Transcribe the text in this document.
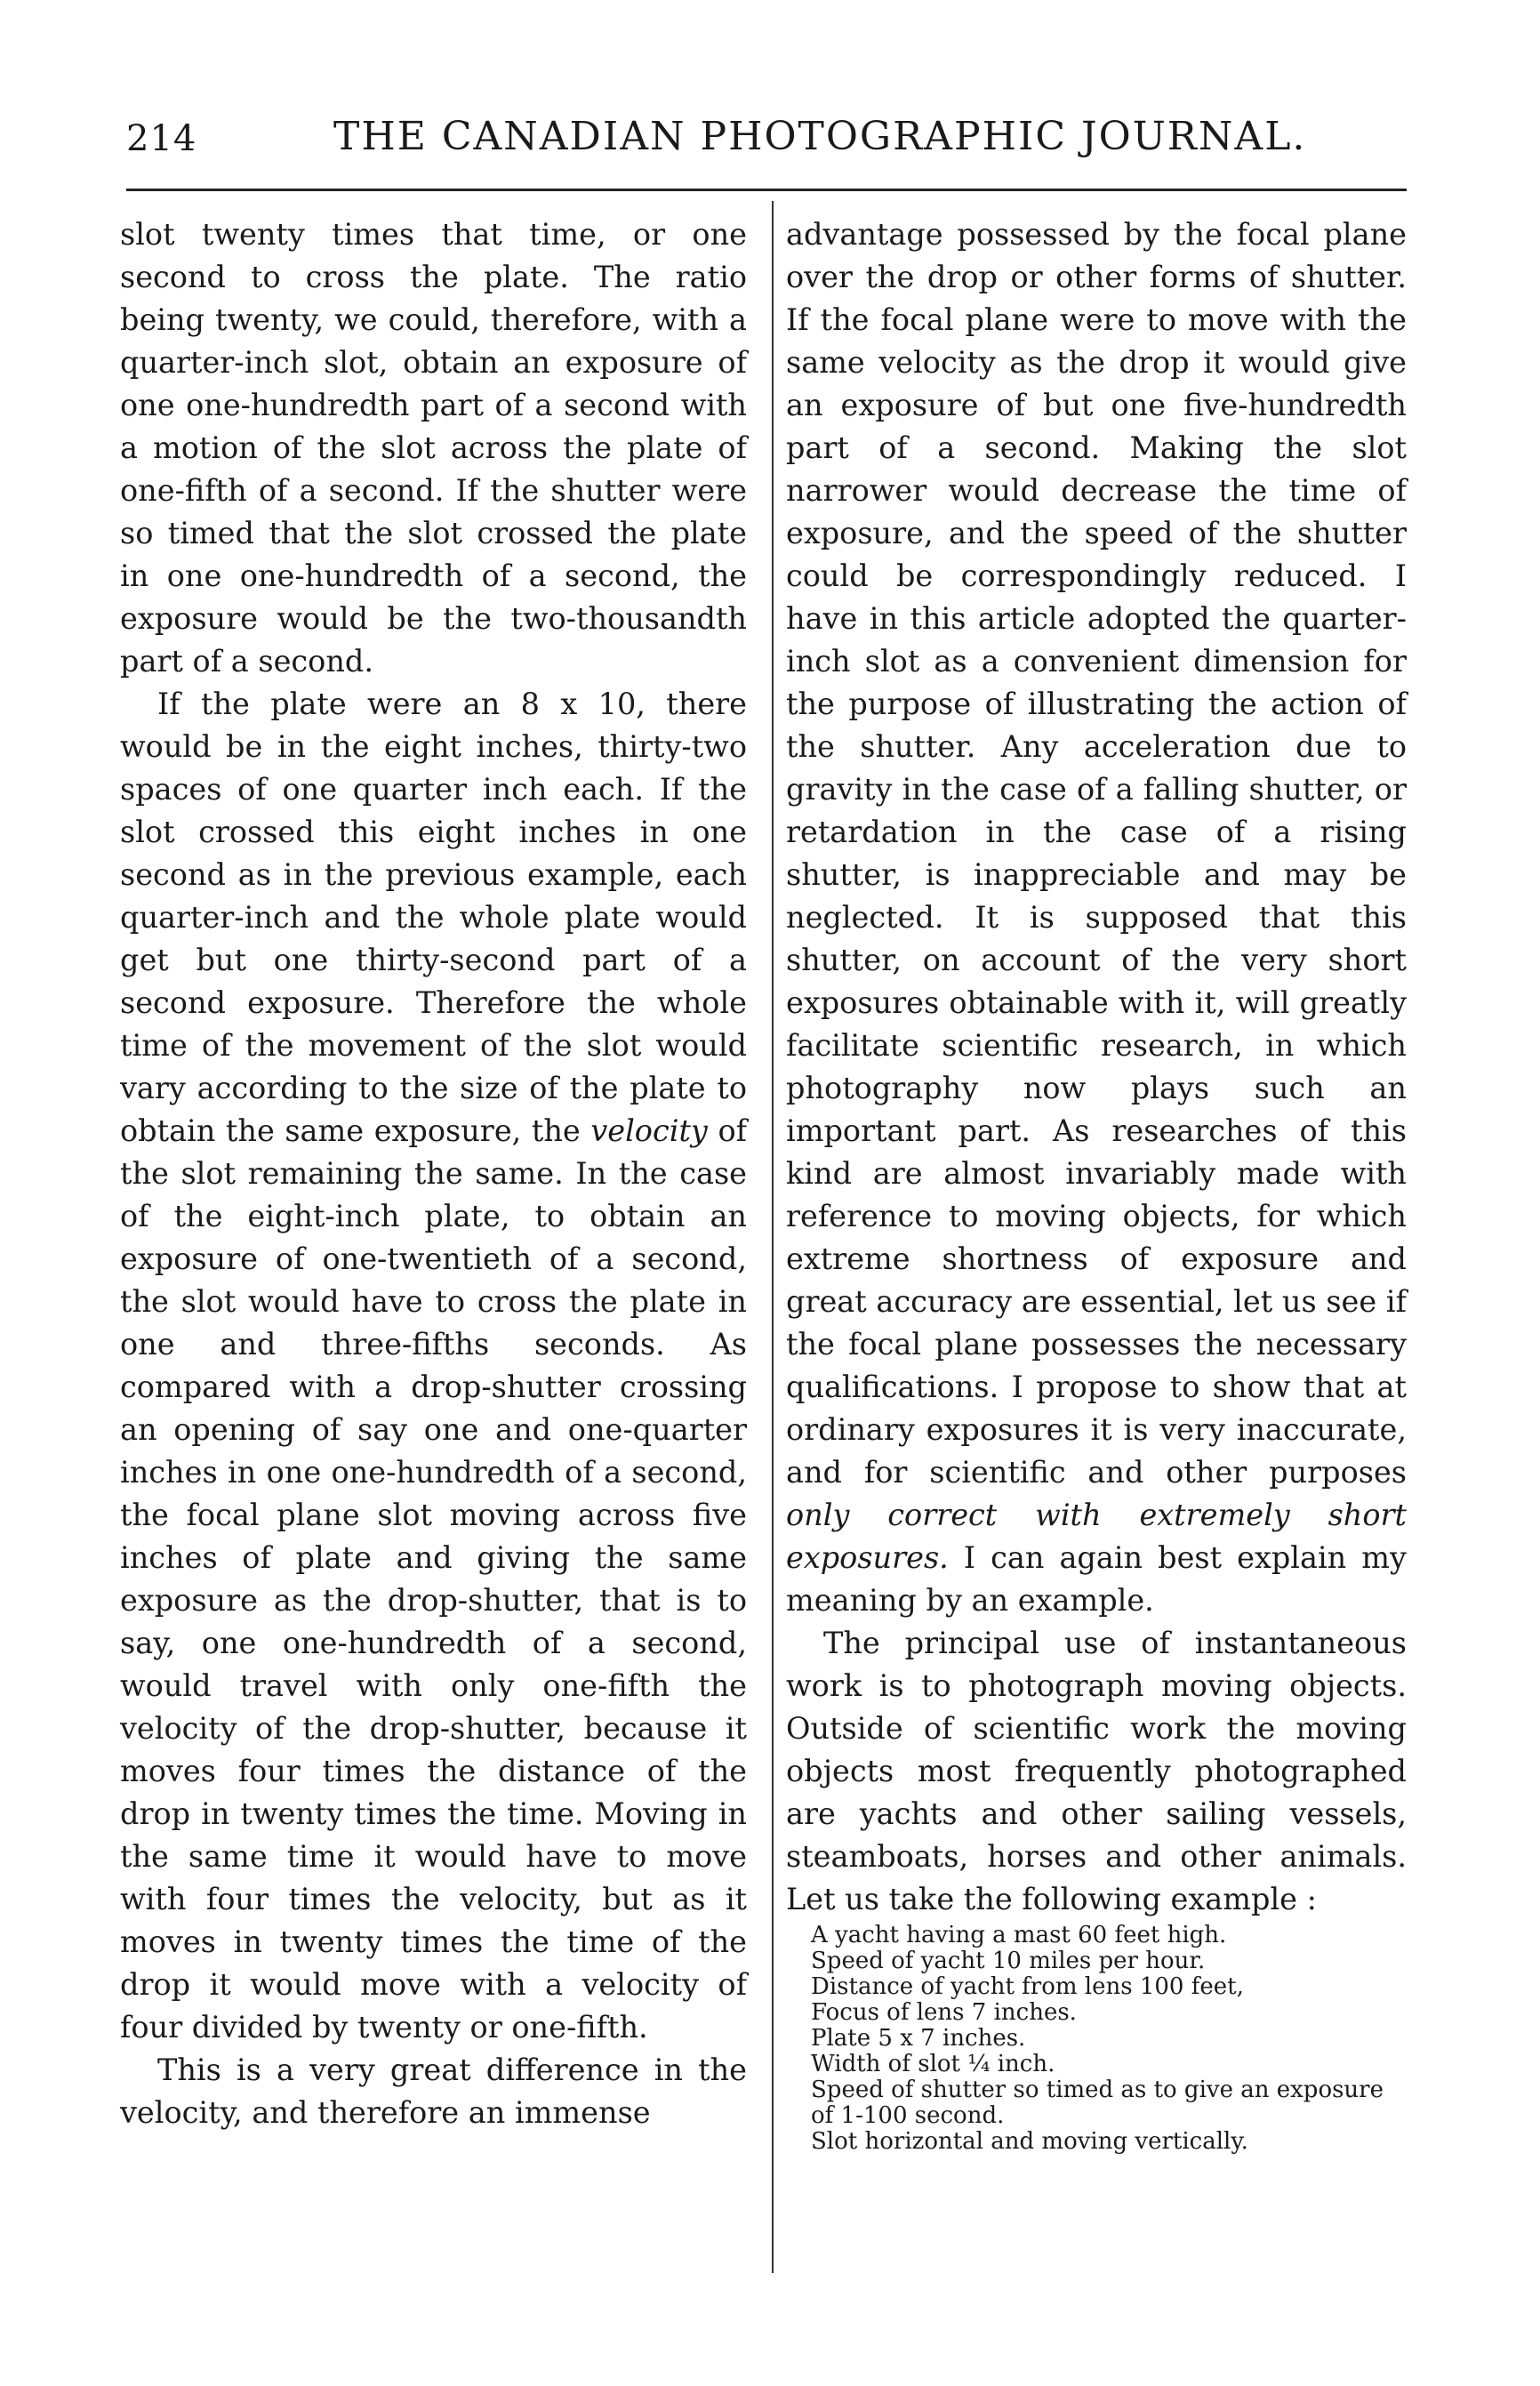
214	THE CANADIAN PHOTOGRAPHIC JOURNAL.

slot twenty times that time, or one second to cross the plate. The ratio being twenty, we could, therefore, with a quarter-inch slot, obtain an exposure of one one-hundredth part of a second with a motion of the slot across the plate of one-fifth of a second. If the shutter were so timed that the slot crossed the plate in one one-hundredth of a second, the exposure would be the two-thousandth part of a second.

If the plate were an 8 x 10, there would be in the eight inches, thirty-two spaces of one quarter inch each. If the slot crossed this eight inches in one second as in the previous example, each quarter-inch and the whole plate would get but one thirty-second part of a second exposure. Therefore the whole time of the movement of the slot would vary according to the size of the plate to obtain the same exposure, the velocity of the slot remaining the same. In the case of the eight-inch plate, to obtain an exposure of one-twentieth of a second, the slot would have to cross the plate in one and three-fifths seconds. As compared with a drop-shutter crossing an opening of say one and one-quarter inches in one one-hundredth of a second, the focal plane slot moving across five inches of plate and giving the same exposure as the drop-shutter, that is to say, one one-hundredth of a second, would travel with only one-fifth the velocity of the drop-shutter, because it moves four times the distance of the drop in twenty times the time. Moving in the same time it would have to move with four times the velocity, but as it moves in twenty times the time of the drop it would move with a velocity of four divided by twenty or one-fifth.

This is a very great difference in the velocity, and therefore an immense

advantage possessed by the focal plane over the drop or other forms of shutter. If the focal plane were to move with the same velocity as the drop it would give an exposure of but one five-hundredth part of a second. Making the slot narrower would decrease the time of exposure, and the speed of the shutter could be correspondingly reduced. I have in this article adopted the quarter-inch slot as a convenient dimension for the purpose of illustrating the action of the shutter. Any acceleration due to gravity in the case of a falling shutter, or retardation in the case of a rising shutter, is inappreciable and may be neglected. It is supposed that this shutter, on account of the very short exposures obtainable with it, will greatly facilitate scientific research, in which photography now plays such an important part. As researches of this kind are almost invariably made with reference to moving objects, for which extreme shortness of exposure and great accuracy are essential, let us see if the focal plane possesses the necessary qualifications. I propose to show that at ordinary exposures it is very inaccurate, and for scientific and other purposes only correct with extremely short exposures. I can again best explain my meaning by an example.

The principal use of instantaneous work is to photograph moving objects. Outside of scientific work the moving objects most frequently photographed are yachts and other sailing vessels, steamboats, horses and other animals. Let us take the following example :

A yacht having a mast 60 feet high.
Speed of yacht 10 miles per hour.
Distance of yacht from lens 100 feet,
Focus of lens 7 inches.
Plate 5 x 7 inches.
Width of slot ¼ inch.
Speed of shutter so timed as to give an exposure of 1-100 second.
Slot horizontal and moving vertically.
